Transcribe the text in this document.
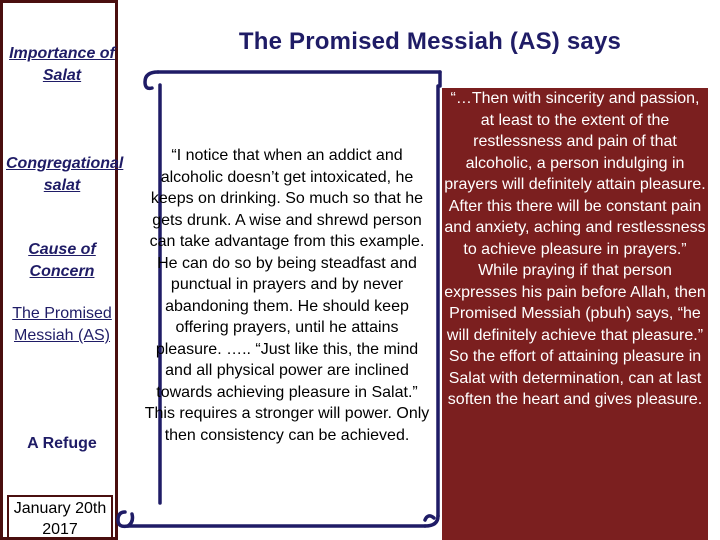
Importance of Salat
Congregational salat
Cause of Concern
The Promised Messiah (AS)
A Refuge
January 20th 2017
The Promised Messiah (AS) says
“I notice that when an addict and alcoholic doesn’t get intoxicated, he keeps on drinking. So much so that he gets drunk. A wise and shrewd person can take advantage from this example. He can do so by being steadfast and punctual in prayers and by never abandoning them. He should keep offering prayers, until he attains pleasure. ….. “Just like this, the mind and all physical power are inclined towards achieving pleasure in Salat.” This requires a stronger will power. Only then consistency can be achieved.
“…Then with sincerity and passion, at least to the extent of the restlessness and pain of that alcoholic, a person indulging in prayers will definitely attain pleasure. After this there will be constant pain and anxiety, aching and restlessness to achieve pleasure in prayers.” While praying if that person expresses his pain before Allah, then Promised Messiah (pbuh) says, “he will definitely achieve that pleasure.” So the effort of attaining pleasure in Salat with determination, can at last soften the heart and gives pleasure.
